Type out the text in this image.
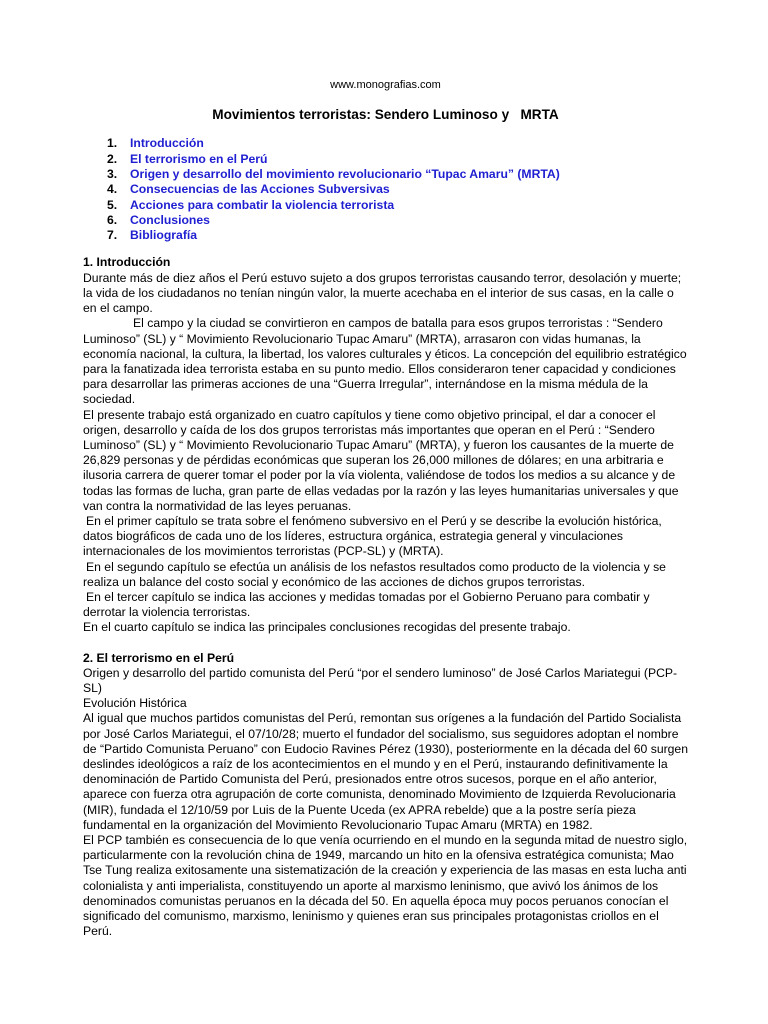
www.monografias.com
Movimientos terroristas: Sendero Luminoso y   MRTA
1. Introducción
2. El terrorismo en el Perú
3. Origen y desarrollo del movimiento revolucionario “Tupac Amaru” (MRTA)
4. Consecuencias de las Acciones Subversivas
5. Acciones para combatir la violencia terrorista
6. Conclusiones
7. Bibliografía
1. Introducción

Durante más de diez años el Perú estuvo sujeto a dos grupos terroristas causando terror, desolación y muerte; la vida de los ciudadanos no tenían ningún valor, la muerte acechaba en el interior de sus casas, en la calle o en el campo.

El campo y la ciudad se convirtieron en campos de batalla para esos grupos terroristas : “Sendero Luminoso” (SL) y “ Movimiento Revolucionario Tupac Amaru” (MRTA), arrasaron con vidas humanas, la economía nacional, la cultura, la libertad, los valores culturales y éticos. La concepción del equilibrio estratégico para la fanatizada idea terrorista estaba en su punto medio. Ellos consideraron tener capacidad y condiciones para desarrollar las primeras acciones de una “Guerra Irregular”, internándose en la misma médula de la sociedad.

El presente trabajo está organizado en cuatro capítulos y tiene como objetivo principal, el dar a conocer el origen, desarrollo y caída de los dos grupos terroristas más importantes que operan en el Perú : “Sendero Luminoso” (SL) y “ Movimiento Revolucionario Tupac Amaru” (MRTA), y fueron los causantes de la muerte de 26,829 personas y de pérdidas económicas que superan los 26,000 millones de dólares; en una arbitraria e ilusoria carrera de querer tomar el poder por la vía violenta, valiéndose de todos los medios a su alcance y de todas las formas de lucha, gran parte de ellas vedadas por la razón y las leyes humanitarias universales y que van contra la normatividad de las leyes peruanas.

En el primer capítulo se trata sobre el fenómeno subversivo en el Perú y se describe la evolución histórica, datos biográficos de cada uno de los líderes, estructura orgánica, estrategia general y vinculaciones internacionales de los movimientos terroristas (PCP-SL) y (MRTA).

En el segundo capítulo se efectúa un análisis de los nefastos resultados como producto de la violencia y se realiza un balance del costo social y económico de las acciones de dichos grupos terroristas.

En el tercer capítulo se indica las acciones y medidas tomadas por el Gobierno Peruano para combatir y derrotar la violencia terroristas.

En el cuarto capítulo se indica las principales conclusiones recogidas del presente trabajo.

2. El terrorismo en el Perú

Origen y desarrollo del partido comunista del Perú “por el sendero luminoso” de José Carlos Mariategui (PCP-SL)

Evolución Histórica

Al igual que muchos partidos comunistas del Perú, remontan sus orígenes a la fundación del Partido Socialista por José Carlos Mariategui, el 07/10/28; muerto el fundador del socialismo, sus seguidores adoptan el nombre de “Partido Comunista Peruano” con Eudocio Ravines Pérez (1930), posteriormente en la década del 60 surgen deslindes ideológicos a raíz de los acontecimientos en el mundo y en el Perú, instaurando definitivamente la denominación de Partido Comunista del Perú, presionados entre otros sucesos, porque en el año anterior, aparece con fuerza otra agrupación de corte comunista, denominado Movimiento de Izquierda Revolucionaria (MIR), fundada el 12/10/59 por Luis de la Puente Uceda (ex APRA rebelde) que a la postre sería pieza fundamental en la organización del Movimiento Revolucionario Tupac Amaru (MRTA) en 1982.

El PCP también es consecuencia de lo que venía ocurriendo en el mundo en la segunda mitad de nuestro siglo, particularmente con la revolución china de 1949, marcando un hito en la ofensiva estratégica comunista; Mao Tse Tung realiza exitosamente una sistematización de la creación y experiencia de las masas en esta lucha anti colonialista y anti imperialista, constituyendo un aporte al marxismo leninismo, que avivó los ánimos de los denominados comunistas peruanos en la década del 50. En aquella época muy pocos peruanos conocían el significado del comunismo, marxismo, leninismo y quienes eran sus principales protagonistas criollos en el Perú.
